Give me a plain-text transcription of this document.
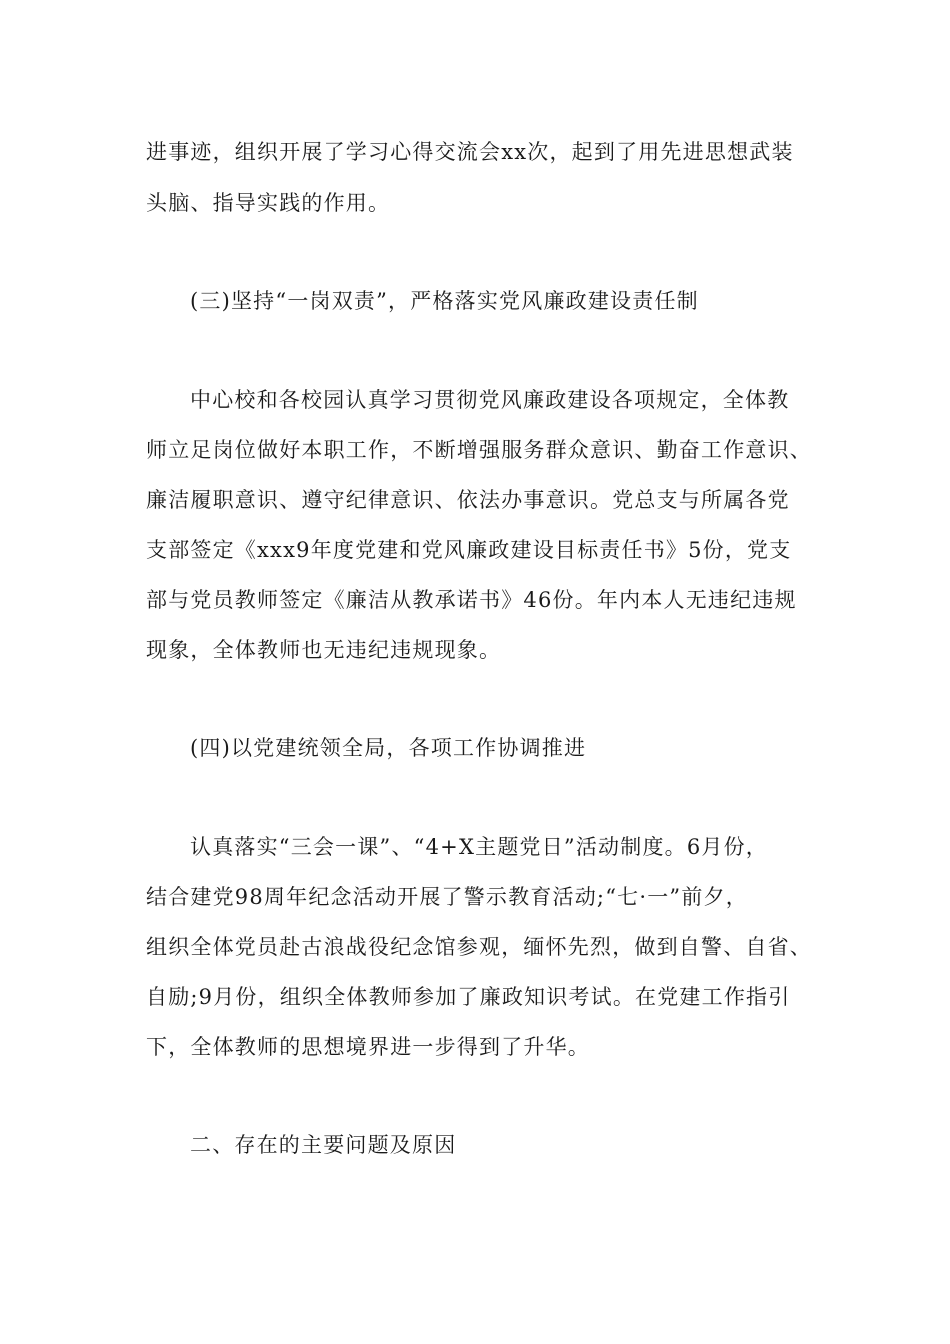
进事迹，组织开展了学习心得交流会xx次，起到了用先进思想武装
头脑、指导实践的作用。
(三)坚持“一岗双责”，严格落实党风廉政建设责任制
中心校和各校园认真学习贯彻党风廉政建设各项规定，全体教
师立足岗位做好本职工作，不断增强服务群众意识、勤奋工作意识、
廉洁履职意识、遵守纪律意识、依法办事意识。党总支与所属各党
支部签定《xxx9年度党建和党风廉政建设目标责任书》5份，党支
部与党员教师签定《廉洁从教承诺书》46份。年内本人无违纪违规
现象，全体教师也无违纪违规现象。
(四)以党建统领全局，各项工作协调推进
认真落实“三会一课”、“4+X主题党日”活动制度。6月份，
结合建党98周年纪念活动开展了警示教育活动;“七·一”前夕，
组织全体党员赴古浪战役纪念馆参观，缅怀先烈，做到自警、自省、
自励;9月份，组织全体教师参加了廉政知识考试。在党建工作指引
下，全体教师的思想境界进一步得到了升华。
二、存在的主要问题及原因
